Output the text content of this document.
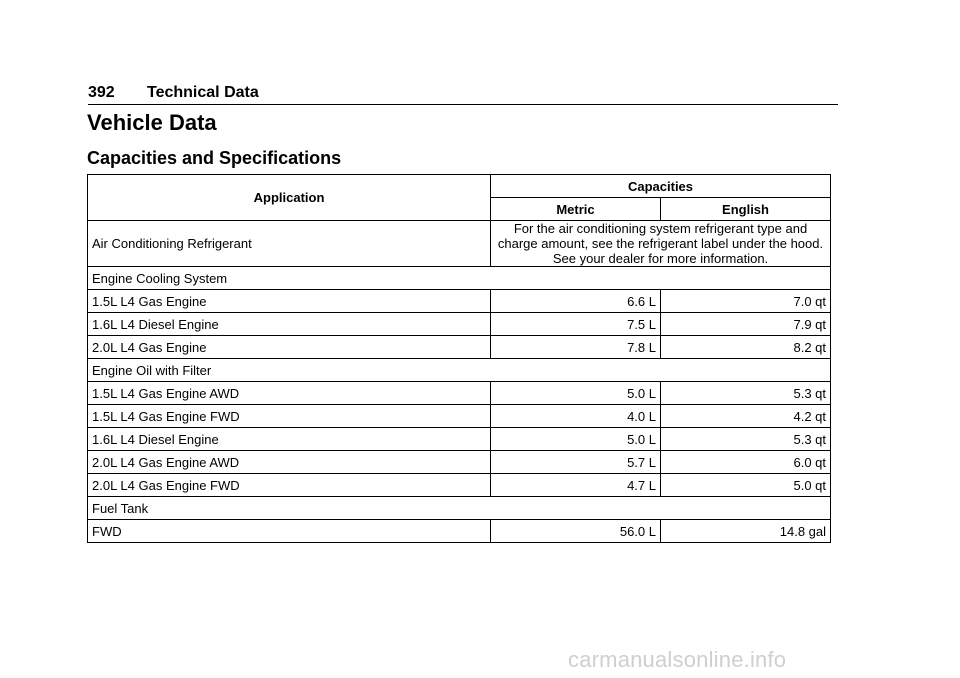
392 Technical Data
Vehicle Data
Capacities and Specifications
Application	Capacities	
	Metric	English
Air Conditioning Refrigerant	For the air conditioning system refrigerant type and charge amount, see the refrigerant label under the hood. See your dealer for more information.	
Engine Cooling System		
1.5L L4 Gas Engine	6.6 L	7.0 qt
1.6L L4 Diesel Engine	7.5 L	7.9 qt
2.0L L4 Gas Engine	7.8 L	8.2 qt
Engine Oil with Filter		
1.5L L4 Gas Engine AWD	5.0 L	5.3 qt
1.5L L4 Gas Engine FWD	4.0 L	4.2 qt
1.6L L4 Diesel Engine	5.0 L	5.3 qt
2.0L L4 Gas Engine AWD	5.7 L	6.0 qt
2.0L L4 Gas Engine FWD	4.7 L	5.0 qt
Fuel Tank		
FWD	56.0 L	14.8 gal
carmanualsonline.info
